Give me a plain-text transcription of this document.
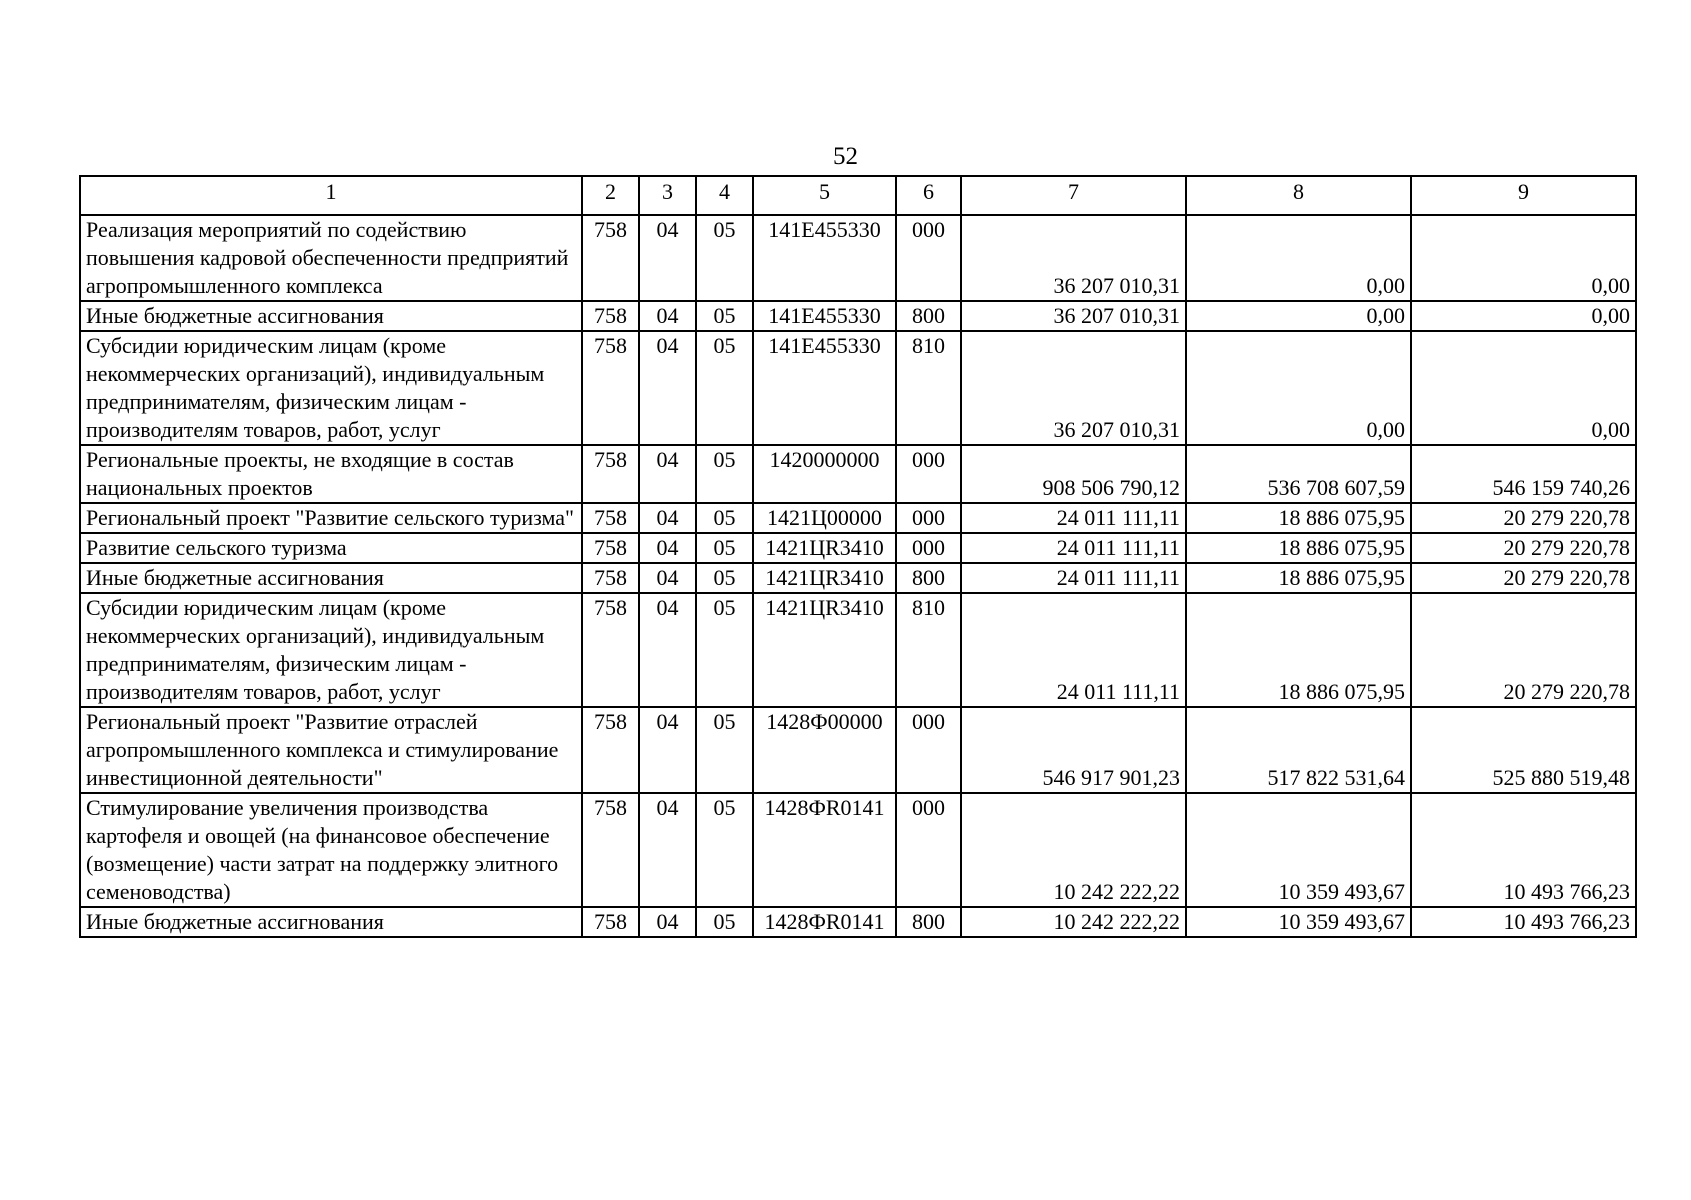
52
1	2	3	4	5	6	7	8	9
Реализация мероприятий по содействию повышения кадровой обеспеченности предприятий агропромышленного комплекса	758	04	05	141Е455330	000	36 207 010,31	0,00	0,00
Иные бюджетные ассигнования	758	04	05	141Е455330	800	36 207 010,31	0,00	0,00
Субсидии юридическим лицам (кроме некоммерческих организаций), индивидуальным предпринимателям, физическим лицам - производителям товаров, работ, услуг	758	04	05	141Е455330	810	36 207 010,31	0,00	0,00
Региональные проекты, не входящие в состав национальных проектов	758	04	05	1420000000	000	908 506 790,12	536 708 607,59	546 159 740,26
Региональный проект "Развитие сельского туризма"	758	04	05	1421Ц00000	000	24 011 111,11	18 886 075,95	20 279 220,78
Развитие сельского туризма	758	04	05	1421ЦR3410	000	24 011 111,11	18 886 075,95	20 279 220,78
Иные бюджетные ассигнования	758	04	05	1421ЦR3410	800	24 011 111,11	18 886 075,95	20 279 220,78
Субсидии юридическим лицам (кроме некоммерческих организаций), индивидуальным предпринимателям, физическим лицам - производителям товаров, работ, услуг	758	04	05	1421ЦR3410	810	24 011 111,11	18 886 075,95	20 279 220,78
Региональный проект "Развитие отраслей агропромышленного комплекса и стимулирование инвестиционной деятельности"	758	04	05	1428Ф00000	000	546 917 901,23	517 822 531,64	525 880 519,48
Стимулирование увеличения производства картофеля и овощей (на финансовое обеспечение (возмещение) части затрат на поддержку элитного семеноводства)	758	04	05	1428ФR0141	000	10 242 222,22	10 359 493,67	10 493 766,23
Иные бюджетные ассигнования	758	04	05	1428ФR0141	800	10 242 222,22	10 359 493,67	10 493 766,23
